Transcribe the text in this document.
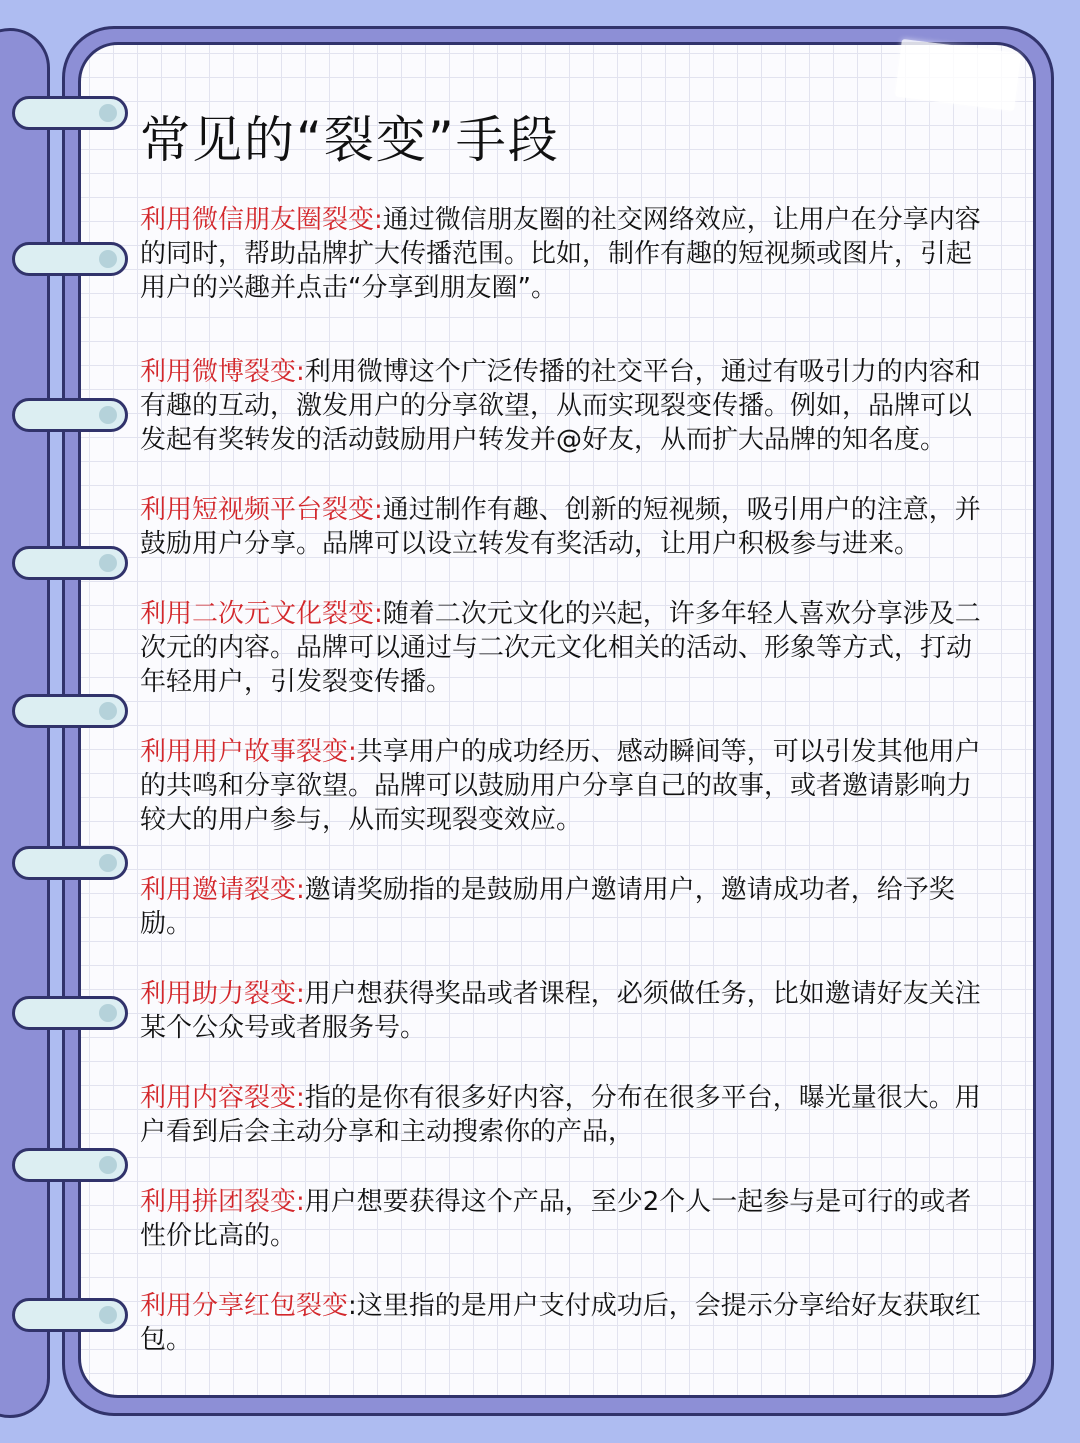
常见的“裂变”手段

利用微信朋友圈裂变:通过微信朋友圈的社交网络效应，让用户在分享内容的同时，帮助品牌扩大传播范围。比如，制作有趣的短视频或图片，引起用户的兴趣并点击“分享到朋友圈”。

利用微博裂变:利用微博这个广泛传播的社交平台，通过有吸引力的内容和有趣的互动，激发用户的分享欲望，从而实现裂变传播。例如，品牌可以发起有奖转发的活动鼓励用户转发并@好友，从而扩大品牌的知名度。

利用短视频平台裂变:通过制作有趣、创新的短视频，吸引用户的注意，并鼓励用户分享。品牌可以设立转发有奖活动，让用户积极参与进来。

利用二次元文化裂变:随着二次元文化的兴起，许多年轻人喜欢分享涉及二次元的内容。品牌可以通过与二次元文化相关的活动、形象等方式，打动年轻用户，引发裂变传播。

利用用户故事裂变:共享用户的成功经历、感动瞬间等，可以引发其他用户的共鸣和分享欲望。品牌可以鼓励用户分享自己的故事，或者邀请影响力较大的用户参与，从而实现裂变效应。

利用邀请裂变:邀请奖励指的是鼓励用户邀请用户，邀请成功者，给予奖励。

利用助力裂变:用户想获得奖品或者课程，必须做任务，比如邀请好友关注某个公众号或者服务号。

利用内容裂变:指的是你有很多好内容，分布在很多平台，曝光量很大。用户看到后会主动分享和主动搜索你的产品，

利用拼团裂变:用户想要获得这个产品，至少2个人一起参与是可行的或者性价比高的。

利用分享红包裂变:这里指的是用户支付成功后，会提示分享给好友获取红包。
